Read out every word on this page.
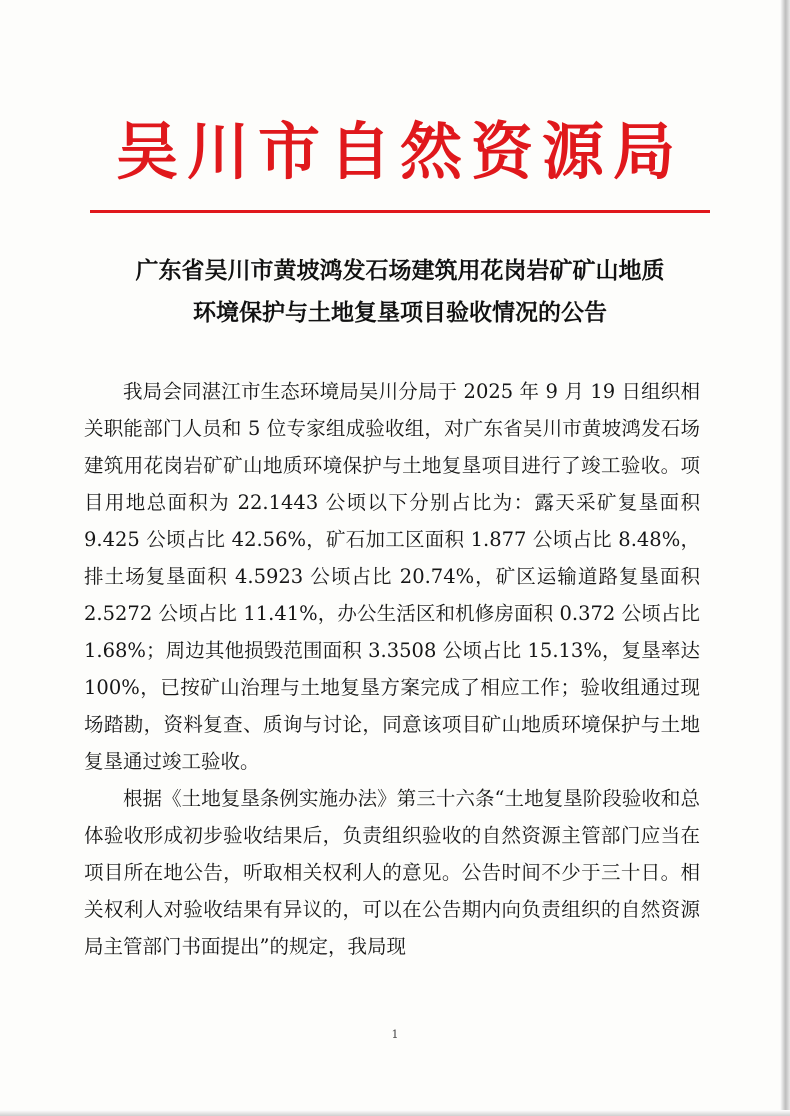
吴川市自然资源局
广东省吴川市黄坡鸿发石场建筑用花岗岩矿矿山地质
环境保护与土地复垦项目验收情况的公告

我局会同湛江市生态环境局吴川分局于 2025 年 9 月 19 日组织相关职能部门人员和 5 位专家组成验收组，对广东省吴川市黄坡鸿发石场建筑用花岗岩矿矿山地质环境保护与土地复垦项目进行了竣工验收。项目用地总面积为 22.1443 公顷以下分别占比为：露天采矿复垦面积 9.425 公顷占比 42.56%，矿石加工区面积 1.877 公顷占比 8.48%，排土场复垦面积 4.5923 公顷占比 20.74%，矿区运输道路复垦面积 2.5272 公顷占比 11.41%，办公生活区和机修房面积 0.372 公顷占比 1.68%；周边其他损毁范围面积 3.3508 公顷占比 15.13%，复垦率达 100%，已按矿山治理与土地复垦方案完成了相应工作；验收组通过现场踏勘，资料复查、质询与讨论，同意该项目矿山地质环境保护与土地复垦通过竣工验收。

根据《土地复垦条例实施办法》第三十六条“土地复垦阶段验收和总体验收形成初步验收结果后，负责组织验收的自然资源主管部门应当在项目所在地公告，听取相关权利人的意见。公告时间不少于三十日。相关权利人对验收结果有异议的，可以在公告期内向负责组织的自然资源局主管部门书面提出”的规定，我局现

1
